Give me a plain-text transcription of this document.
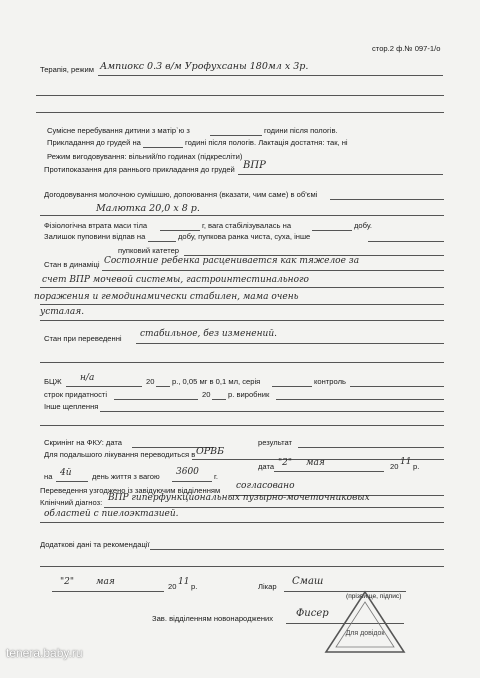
стор.2 ф.№ 097-1/о
Терапія, режим Ампиокс 0.3 в/м Урофухсаны 180мл х 3р.
Сумісне перебування дитини з матір`ю з	години після пологів.
Прикладання до грудей на	годині після пологів. Лактація достатня: так, ні
Режим вигодовування: вільний/по годинах (підкресліти)
Протипоказання для раннього прикладання до грудей ВПР
Догодовування молочною сумішшю, допоювання (вказати, чим саме) в об'ємі
Малютка 20,0 х 8 р.
Фізіологічна втрата маси тіла	г, вага стабілізувалась на	добу.
Залишок пуповини відпав на	добу, пупкова ранка чиста, суха, інше
пупковий катетер
Стан в динаміці Состояние ребенка расценивается как тяжелое за
счет ВПР мочевой системы, гастроинтестинального
поражения и гемодинамически стабилен, мама очень
усталая.
Стан при переведенні стабильное, без изменений.
БЦЖ н/а	20 р., 0,05 мг в 0,1 мл, серія	контроль
строк придатності	20 р. виробник
Інше щеплення
Скринінг на ФКУ: дата	результат
Для подальшого лікування переводиться в ОРВБ
дата "2" мая	20 11 р.
на 4й	день життя з вагою 3600 г.
Переведення узгоджено із завідуючим відділенням согласовано
Клінічний діагноз: ВПР гиперфункциональных пузырно-мочеточниковых
областей с пиелоэктазией.
Додаткові дані та рекомендації
"2" мая	20 11 р.	Лікар Смаш
(прізвище, підпис)
Зав. відділенням новонароджених Фисер
Для довідок
tenera.baby.ru
